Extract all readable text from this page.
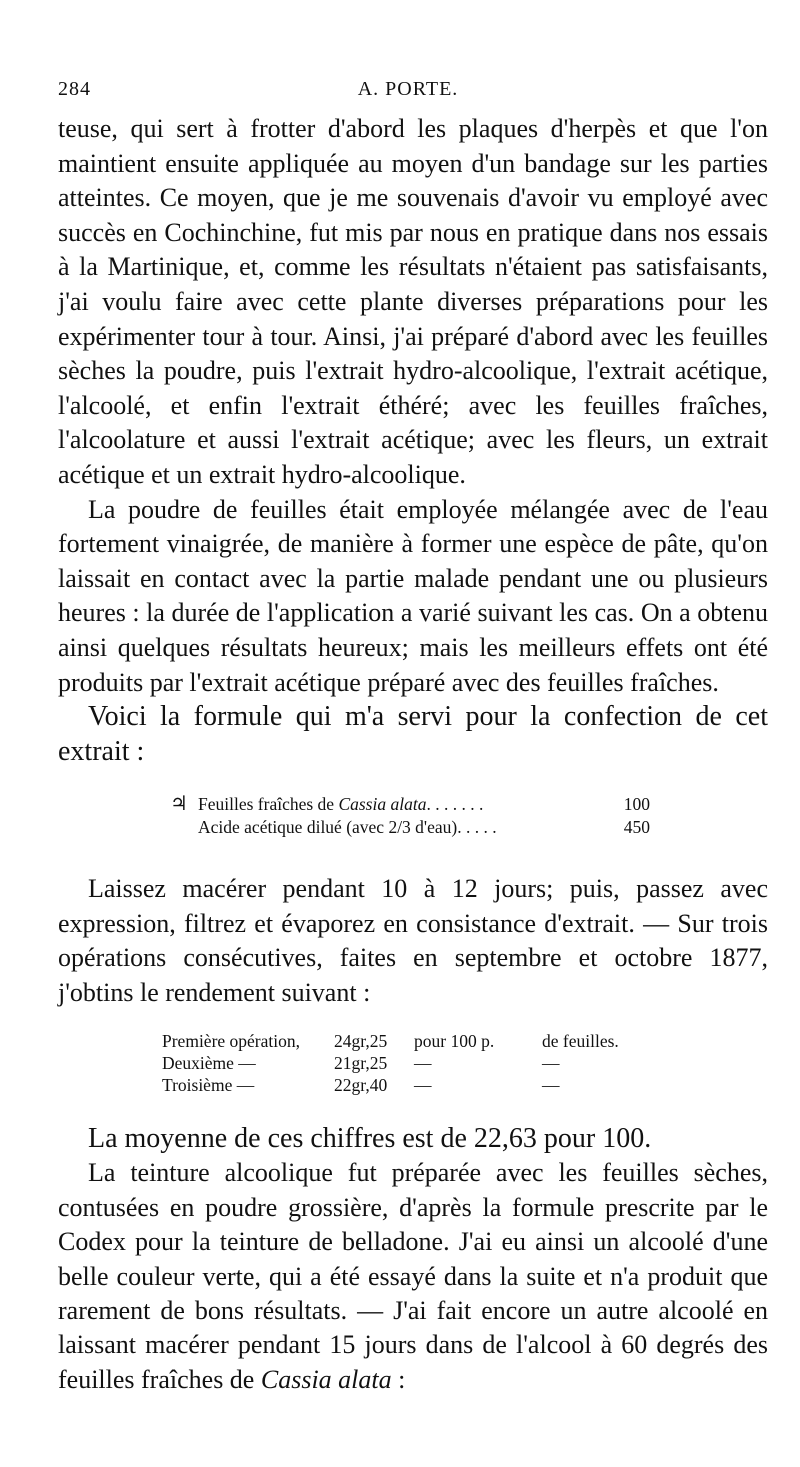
284	A. PORTE.

teuse, qui sert à frotter d'abord les plaques d'herpès et que l'on maintient ensuite appliquée au moyen d'un bandage sur les parties atteintes. Ce moyen, que je me souvenais d'avoir vu employé avec succès en Cochinchine, fut mis par nous en pratique dans nos essais à la Martinique, et, comme les résultats n'étaient pas satisfaisants, j'ai voulu faire avec cette plante diverses préparations pour les expérimenter tour à tour. Ainsi, j'ai préparé d'abord avec les feuilles sèches la poudre, puis l'extrait hydro-alcoolique, l'extrait acétique, l'alcoolé, et enfin l'extrait éthéré; avec les feuilles fraîches, l'alcoolature et aussi l'extrait acétique; avec les fleurs, un extrait acétique et un extrait hydro-alcoolique.

La poudre de feuilles était employée mélangée avec de l'eau fortement vinaigrée, de manière à former une espèce de pâte, qu'on laissait en contact avec la partie malade pendant une ou plusieurs heures : la durée de l'application a varié suivant les cas. On a obtenu ainsi quelques résultats heureux; mais les meilleurs effets ont été produits par l'extrait acétique préparé avec des feuilles fraîches.

Voici la formule qui m'a servi pour la confection de cet extrait :

♃ Feuilles fraîches de Cassia alata. . . . . . .	100
Acide acétique dilué (avec 2/3 d'eau). . . . .	450

Laissez macérer pendant 10 à 12 jours; puis, passez avec expression, filtrez et évaporez en consistance d'extrait. — Sur trois opérations consécutives, faites en septembre et octobre 1877, j'obtins le rendement suivant :

Première opération,	24gr,25	pour 100 p.	de feuilles.
Deuxième —	21gr,25	—	—
Troisième —	22gr,40	—	—

La moyenne de ces chiffres est de 22,63 pour 100.

La teinture alcoolique fut préparée avec les feuilles sèches, contusées en poudre grossière, d'après la formule prescrite par le Codex pour la teinture de belladone. J'ai eu ainsi un alcoolé d'une belle couleur verte, qui a été essayé dans la suite et n'a produit que rarement de bons résultats. — J'ai fait encore un autre alcoolé en laissant macérer pendant 15 jours dans de l'alcool à 60 degrés des feuilles fraîches de Cassia alata :
